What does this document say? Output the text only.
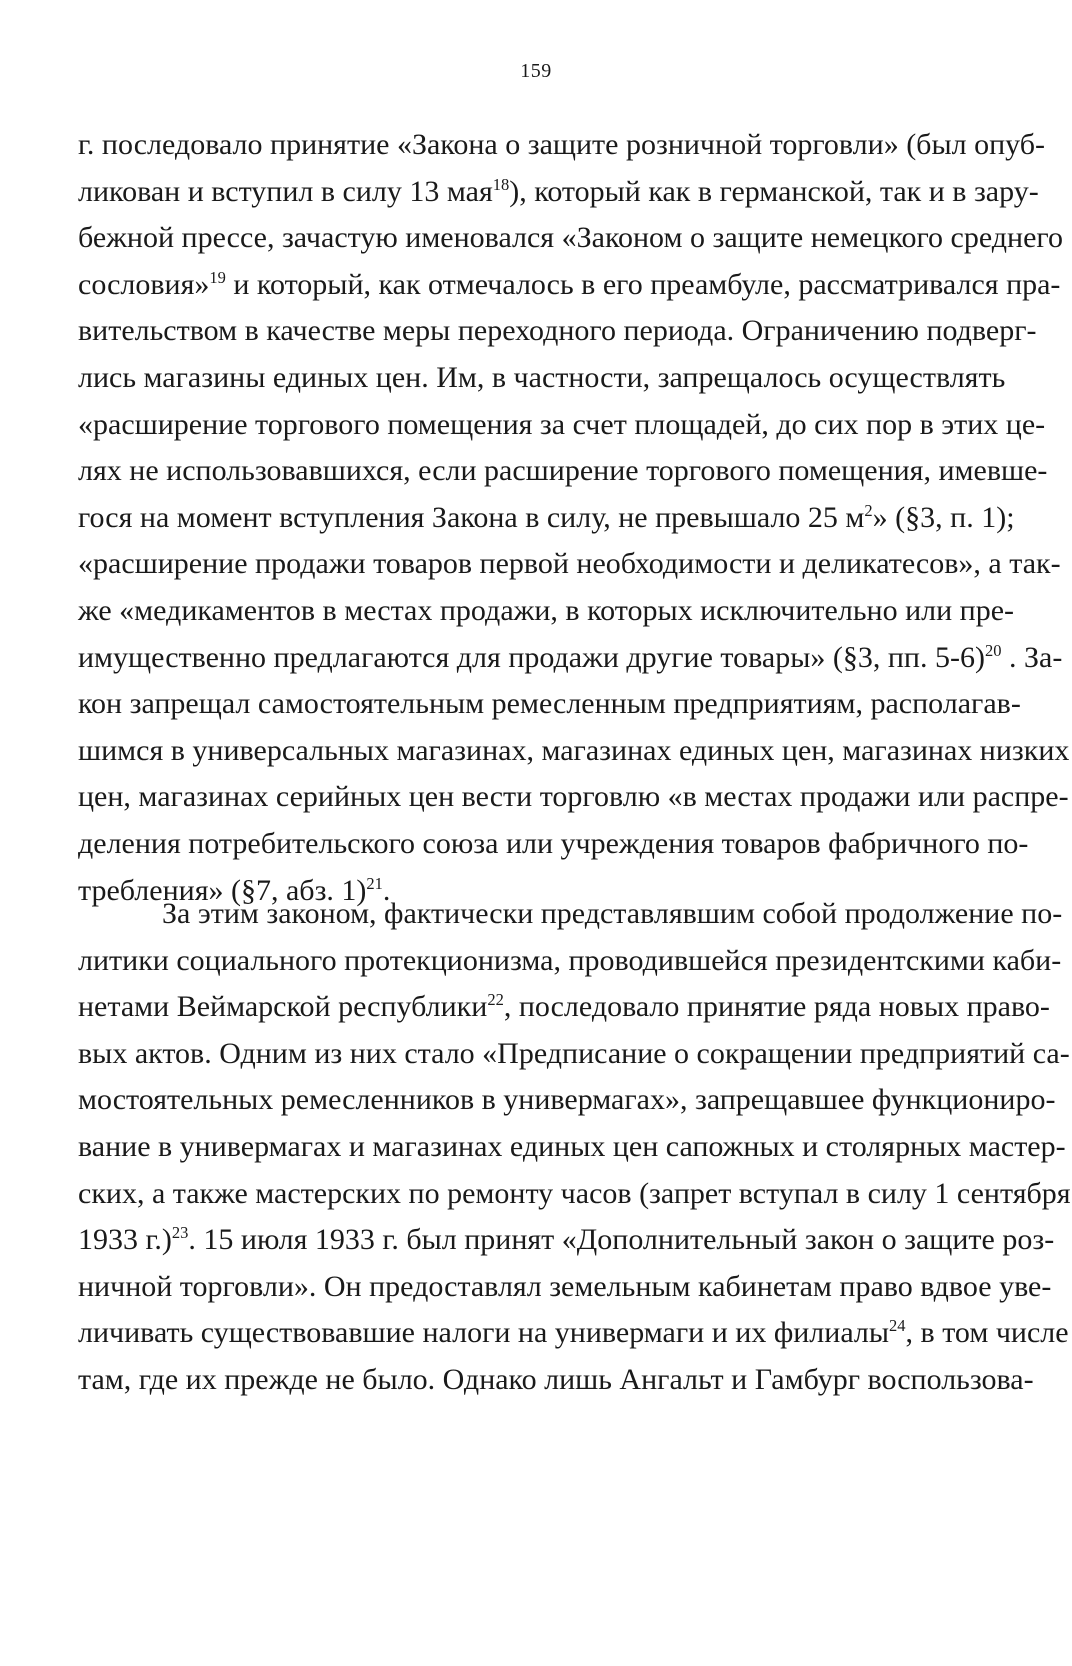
159
г. последовало принятие «Закона о защите розничной торговли» (был опуб-
ликован и вступил в силу 13 мая$^{18}$), который как в германской, так и в зару-
бежной прессе, зачастую именовался «Законом о защите немецкого среднего
сословия»$^{19}$ и который, как отмечалось в его преамбуле, рассматривался пра-
вительством в качестве меры переходного периода. Ограничению подверг-
лись магазины единых цен. Им, в частности, запрещалось осуществлять
«расширение торгового помещения за счет площадей, до сих пор в этих це-
лях не использовавшихся, если расширение торгового помещения, имевше-
гося на момент вступления Закона в силу, не превышало 25 $м^2$» (§3, п. 1);
«расширение продажи товаров первой необходимости и деликатесов», а так-
же «медикаментов в местах продажи, в которых исключительно или пре-
имущественно предлагаются для продажи другие товары» (§3, пп. 5-6)$^{20}$ . За-
кон запрещал самостоятельным ремесленным предприятиям, располагав-
шимся в универсальных магазинах, магазинах единых цен, магазинах низких
цен, магазинах серийных цен вести торговлю «в местах продажи или распре-
деления потребительского союза или учреждения товаров фабричного по-
требления» (§7, абз. 1)$^{21}$.
За этим законом, фактически представлявшим собой продолжение по-
литики социального протекционизма, проводившейся президентскими каби-
нетами Веймарской республики$^{22}$, последовало принятие ряда новых право-
вых актов. Одним из них стало «Предписание о сокращении предприятий са-
мостоятельных ремесленников в универмагах», запрещавшее функциониро-
вание в универмагах и магазинах единых цен сапожных и столярных мастер-
ских, а также мастерских по ремонту часов (запрет вступал в силу 1 сентября
1933 г.)$^{23}$. 15 июля 1933 г. был принят «Дополнительный закон о защите роз-
ничной торговли». Он предоставлял земельным кабинетам право вдвое уве-
личивать существовавшие налоги на универмаги и их филиалы$^{24}$, в том числе
там, где их прежде не было. Однако лишь Ангальт и Гамбург воспользова-
